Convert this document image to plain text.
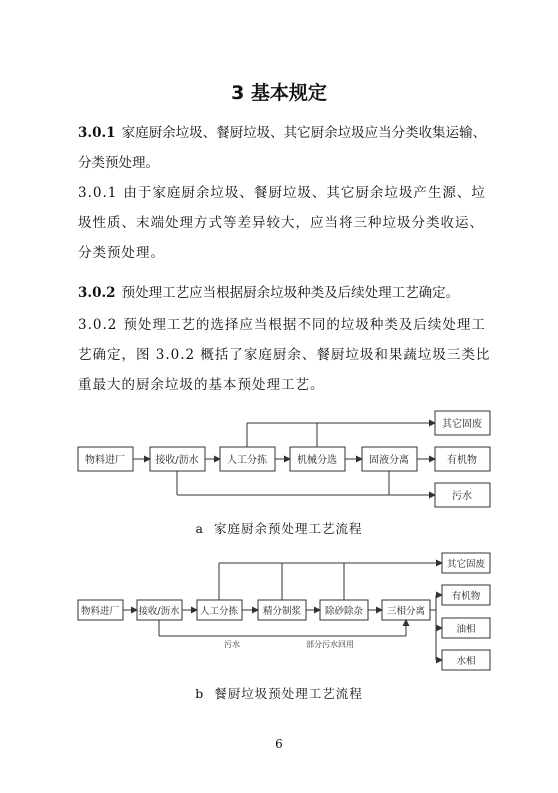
3 基本规定
3.0.1 家庭厨余垃圾、餐厨垃圾、其它厨余垃圾应当分类收集运输、分类预处理。
3.0.1 由于家庭厨余垃圾、餐厨垃圾、其它厨余垃圾产生源、垃圾性质、末端处理方式等差异较大，应当将三种垃圾分类收运、分类预处理。
3.0.2 预处理工艺应当根据厨余垃圾种类及后续处理工艺确定。
3.0.2 预处理工艺的选择应当根据不同的垃圾种类及后续处理工艺确定，图 3.0.2 概括了家庭厨余、餐厨垃圾和果蔬垃圾三类比重最大的厨余垃圾的基本预处理工艺。
物料进厂	接收/沥水	人工分拣	机械分选	固液分离
其它固废
有机物
污水
a 家庭厨余预处理工艺流程
物料进厂 接收/沥水 人工分拣	精分制浆	除砂除杂	三相分离
其它固废
有机物
油相
水相
污水	部分污水回用
b 餐厨垃圾预处理工艺流程
6
